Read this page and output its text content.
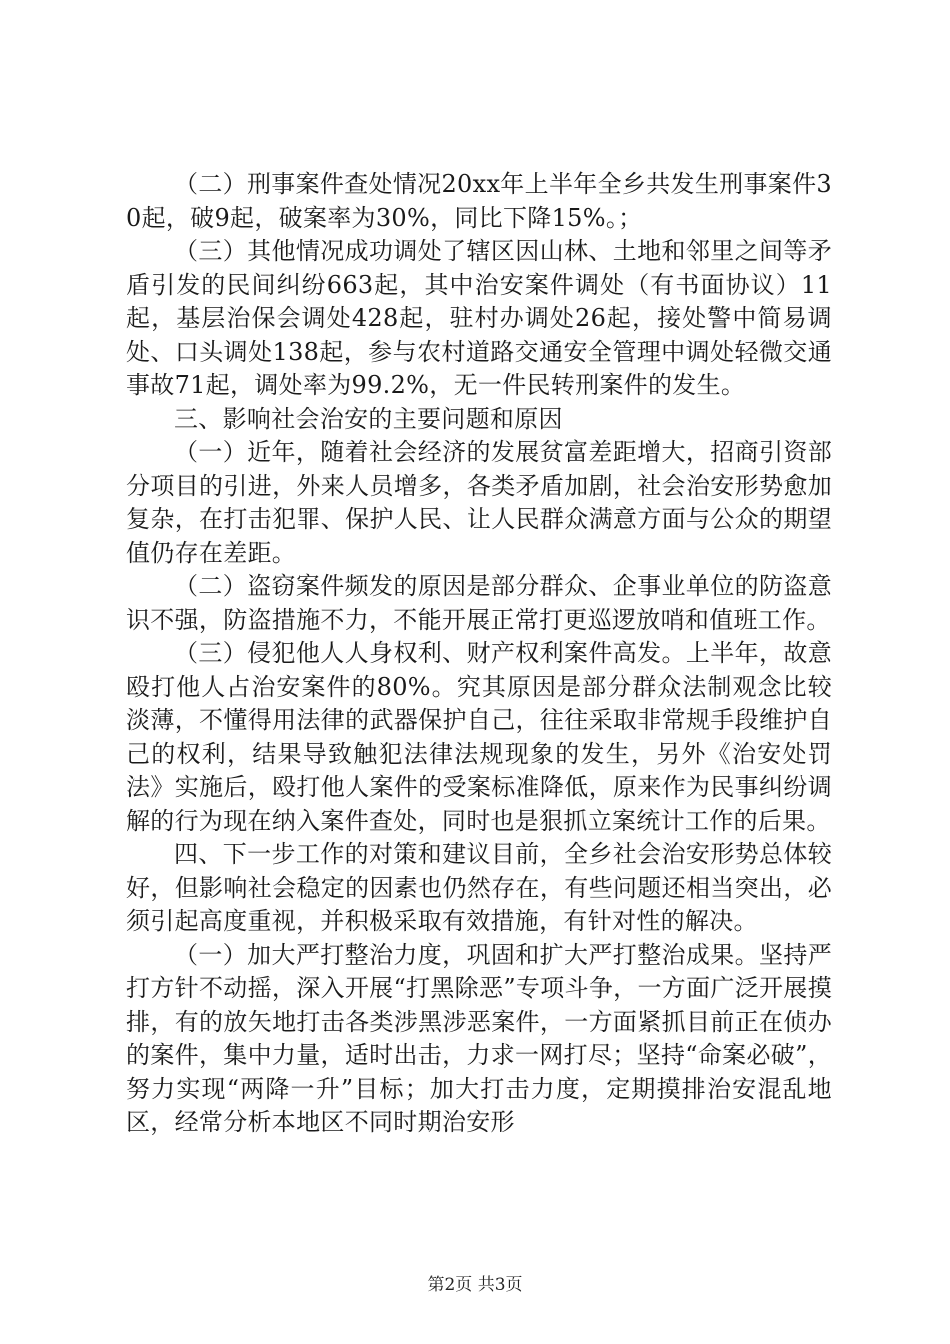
（二）刑事案件查处情况20xx年上半年全乡共发生刑事案件30起，破9起，破案率为30%，同比下降15%。；

（三）其他情况成功调处了辖区因山林、土地和邻里之间等矛盾引发的民间纠纷663起，其中治安案件调处（有书面协议）11起，基层治保会调处428起，驻村办调处26起，接处警中简易调处、口头调处138起，参与农村道路交通安全管理中调处轻微交通事故71起，调处率为99.2%，无一件民转刑案件的发生。

三、影响社会治安的主要问题和原因

（一）近年，随着社会经济的发展贫富差距增大，招商引资部分项目的引进，外来人员增多，各类矛盾加剧，社会治安形势愈加复杂，在打击犯罪、保护人民、让人民群众满意方面与公众的期望值仍存在差距。

（二）盗窃案件频发的原因是部分群众、企事业单位的防盗意识不强，防盗措施不力，不能开展正常打更巡逻放哨和值班工作。

（三）侵犯他人人身权利、财产权利案件高发。上半年，故意殴打他人占治安案件的80%。究其原因是部分群众法制观念比较淡薄，不懂得用法律的武器保护自己，往往采取非常规手段维护自己的权利，结果导致触犯法律法规现象的发生，另外《治安处罚法》实施后，殴打他人案件的受案标准降低，原来作为民事纠纷调解的行为现在纳入案件查处，同时也是狠抓立案统计工作的后果。

四、下一步工作的对策和建议目前，全乡社会治安形势总体较好，但影响社会稳定的因素也仍然存在，有些问题还相当突出，必须引起高度重视，并积极采取有效措施，有针对性的解决。

（一）加大严打整治力度，巩固和扩大严打整治成果。坚持严打方针不动摇，深入开展“打黑除恶”专项斗争，一方面广泛开展摸排，有的放矢地打击各类涉黑涉恶案件，一方面紧抓目前正在侦办的案件，集中力量，适时出击，力求一网打尽；坚持“命案必破”，努力实现“两降一升”目标；加大打击力度，定期摸排治安混乱地区，经常分析本地区不同时期治安形

第2页 共3页
